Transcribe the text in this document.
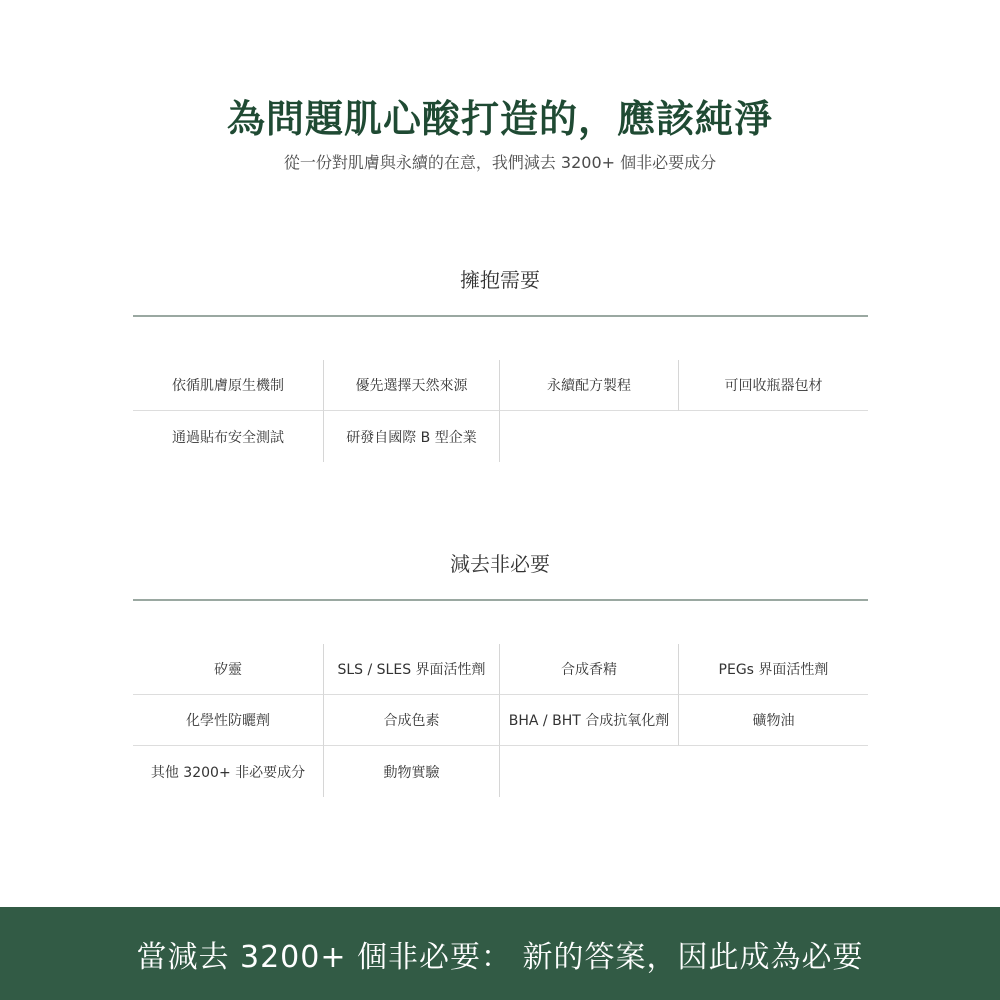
為問題肌心酸打造的，應該純淨

從一份對肌膚與永續的在意，我們減去 3200+ 個非必要成分

擁抱需要
依循肌膚原生機制	優先選擇天然來源	永續配方製程	可回收瓶器包材
通過貼布安全測試	研發自國際 B 型企業
減去非必要
矽靈	SLS / SLES 界面活性劑	合成香精	PEGs 界面活性劑
化學性防曬劑	合成色素	BHA / BHT 合成抗氧化劑	礦物油
其他 3200+ 非必要成分	動物實驗
當減去 3200+ 個非必要： 新的答案，因此成為必要
